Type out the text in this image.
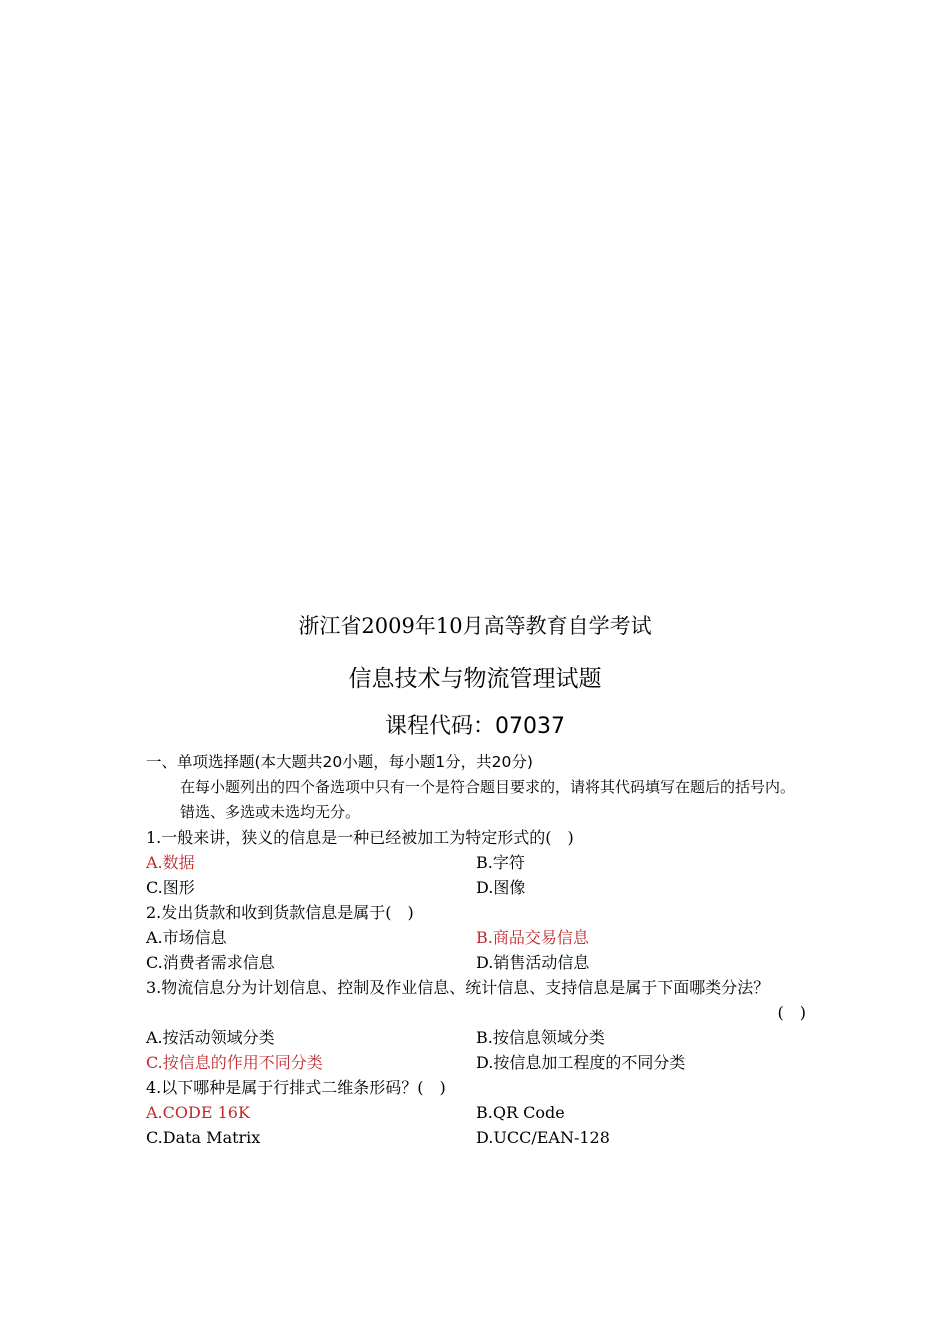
浙江省2009年10月高等教育自学考试
信息技术与物流管理试题
课程代码：07037
一、单项选择题(本大题共20小题，每小题1分，共20分)
在每小题列出的四个备选项中只有一个是符合题目要求的，请将其代码填写在题后的括号内。错选、多选或未选均无分。
1.一般来讲，狭义的信息是一种已经被加工为特定形式的(　)
A.数据	B.字符
C.图形	D.图像
2.发出货款和收到货款信息是属于(　)
A.市场信息	B.商品交易信息
C.消费者需求信息	D.销售活动信息
3.物流信息分为计划信息、控制及作业信息、统计信息、支持信息是属于下面哪类分法？
(　)
A.按活动领域分类	B.按信息领域分类
C.按信息的作用不同分类	D.按信息加工程度的不同分类
4.以下哪种是属于行排式二维条形码？(　)
A.CODE 16K	B.QR Code
C.Data Matrix	D.UCC/EAN-128
